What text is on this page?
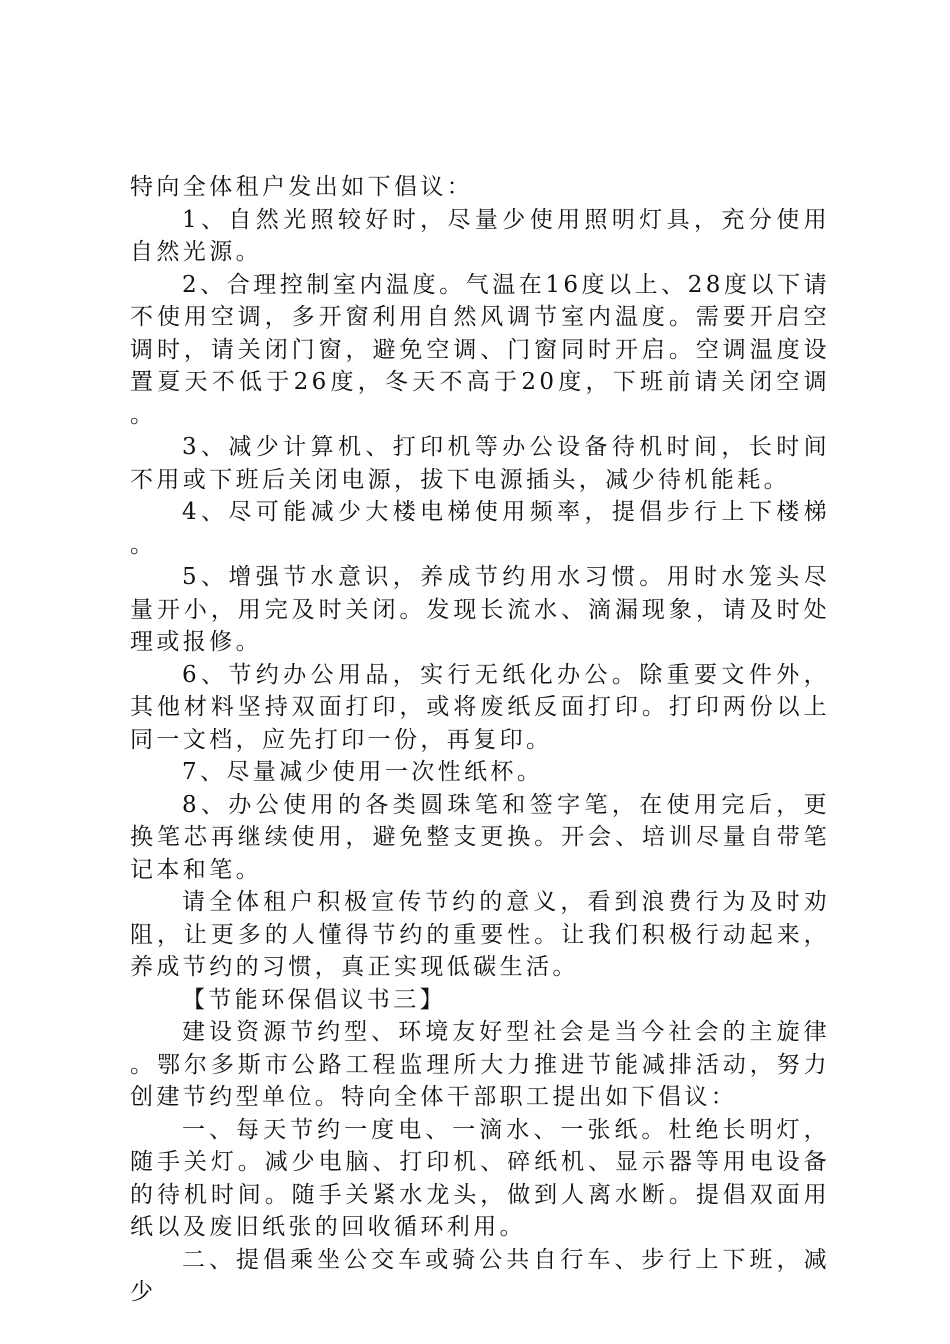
特向全体租户发出如下倡议：

1、自然光照较好时，尽量少使用照明灯具，充分使用自然光源。

2、合理控制室内温度。气温在16度以上、28度以下请不使用空调，多开窗利用自然风调节室内温度。需要开启空调时，请关闭门窗，避免空调、门窗同时开启。空调温度设置夏天不低于26度，冬天不高于20度，下班前请关闭空调。

3、减少计算机、打印机等办公设备待机时间，长时间不用或下班后关闭电源，拔下电源插头，减少待机能耗。

4、尽可能减少大楼电梯使用频率，提倡步行上下楼梯。

5、增强节水意识，养成节约用水习惯。用时水笼头尽量开小，用完及时关闭。发现长流水、滴漏现象，请及时处理或报修。

6、节约办公用品，实行无纸化办公。除重要文件外，其他材料坚持双面打印，或将废纸反面打印。打印两份以上同一文档，应先打印一份，再复印。

7、尽量减少使用一次性纸杯。

8、办公使用的各类圆珠笔和签字笔，在使用完后，更换笔芯再继续使用，避免整支更换。开会、培训尽量自带笔记本和笔。

请全体租户积极宣传节约的意义，看到浪费行为及时劝阻，让更多的人懂得节约的重要性。让我们积极行动起来，养成节约的习惯，真正实现低碳生活。

【节能环保倡议书三】

建设资源节约型、环境友好型社会是当今社会的主旋律。鄂尔多斯市公路工程监理所大力推进节能减排活动，努力创建节约型单位。特向全体干部职工提出如下倡议：

一、每天节约一度电、一滴水、一张纸。杜绝长明灯，随手关灯。减少电脑、打印机、碎纸机、显示器等用电设备的待机时间。随手关紧水龙头，做到人离水断。提倡双面用纸以及废旧纸张的回收循环利用。

二、提倡乘坐公交车或骑公共自行车、步行上下班，减少
